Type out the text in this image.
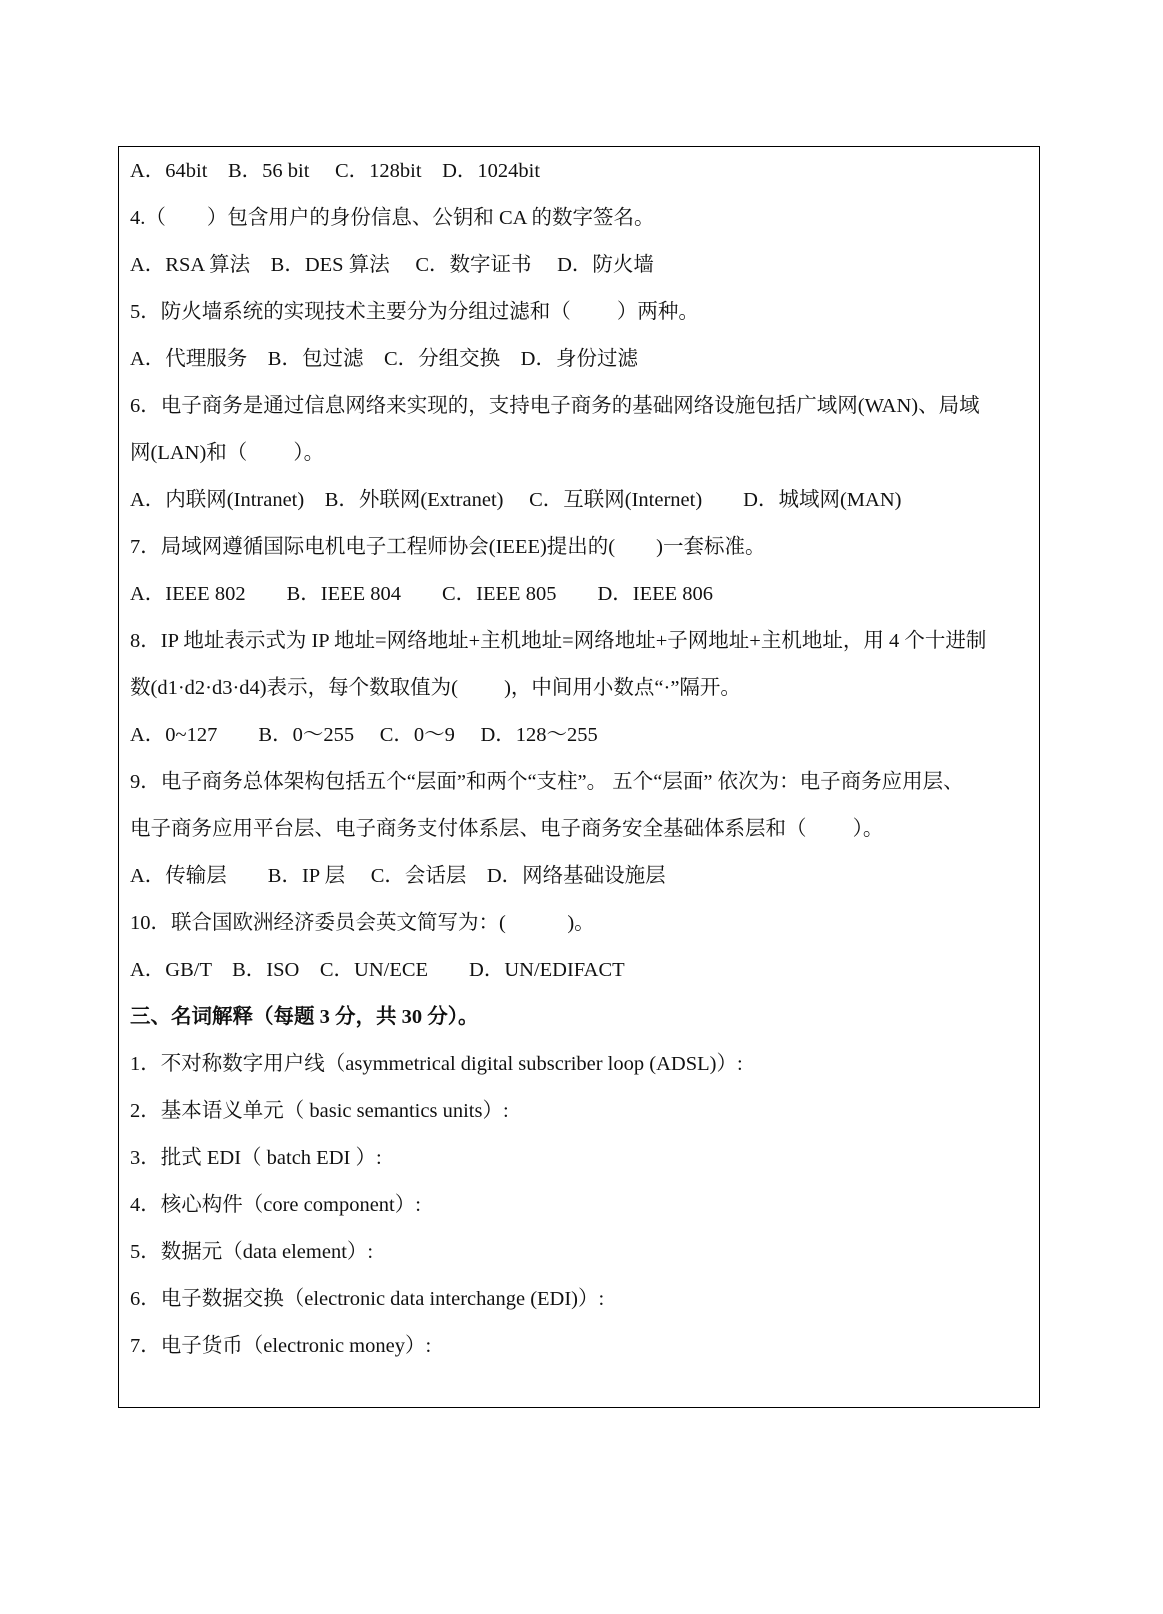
A．64bit　B．56 bit　 C．128bit　D．1024bit
4.（　　）包含用户的身份信息、公钥和 CA 的数字签名。
A．RSA 算法　B．DES 算法　 C．数字证书　 D．防火墙
5．防火墙系统的实现技术主要分为分组过滤和（　　 ）两种。
A．代理服务　B．包过滤　C．分组交换　D．身份过滤
6．电子商务是通过信息网络来实现的，支持电子商务的基础网络设施包括广域网(WAN)、局域
网(LAN)和（　　 ）。
A．内联网(Intranet)　B．外联网(Extranet)　 C．互联网(Internet)　　D．城域网(MAN)
7．局域网遵循国际电机电子工程师协会(IEEE)提出的(　　)一套标准。
A．IEEE 802　　B．IEEE 804　　C．IEEE 805　　D．IEEE 806
8．IP 地址表示式为 IP 地址=网络地址+主机地址=网络地址+子网地址+主机地址，用 4 个十进制
数(d1·d2·d3·d4)表示，每个数取值为(　　 )，中间用小数点“·”隔开。
A．0~127　　B．0～255　 C．0～9　 D．128～255
9．电子商务总体架构包括五个“层面”和两个“支柱”。 五个“层面” 依次为：电子商务应用层、
电子商务应用平台层、电子商务支付体系层、电子商务安全基础体系层和（　　 ）。
A．传输层　　B．IP 层　 C．会话层　D．网络基础设施层
10．联合国欧洲经济委员会英文简写为：(　　　)。
A．GB/T　B．ISO　C．UN/ECE　　D．UN/EDIFACT
三、名词解释（每题 3 分，共 30 分）。
1．不对称数字用户线（asymmetrical digital subscriber loop (ADSL)）:
2．基本语义单元（ basic semantics units）:
3．批式 EDI（ batch EDI ）:
4．核心构件（core component）:
5．数据元（data element）:
6．电子数据交换（electronic data interchange (EDI)）:
7．电子货币（electronic money）:
